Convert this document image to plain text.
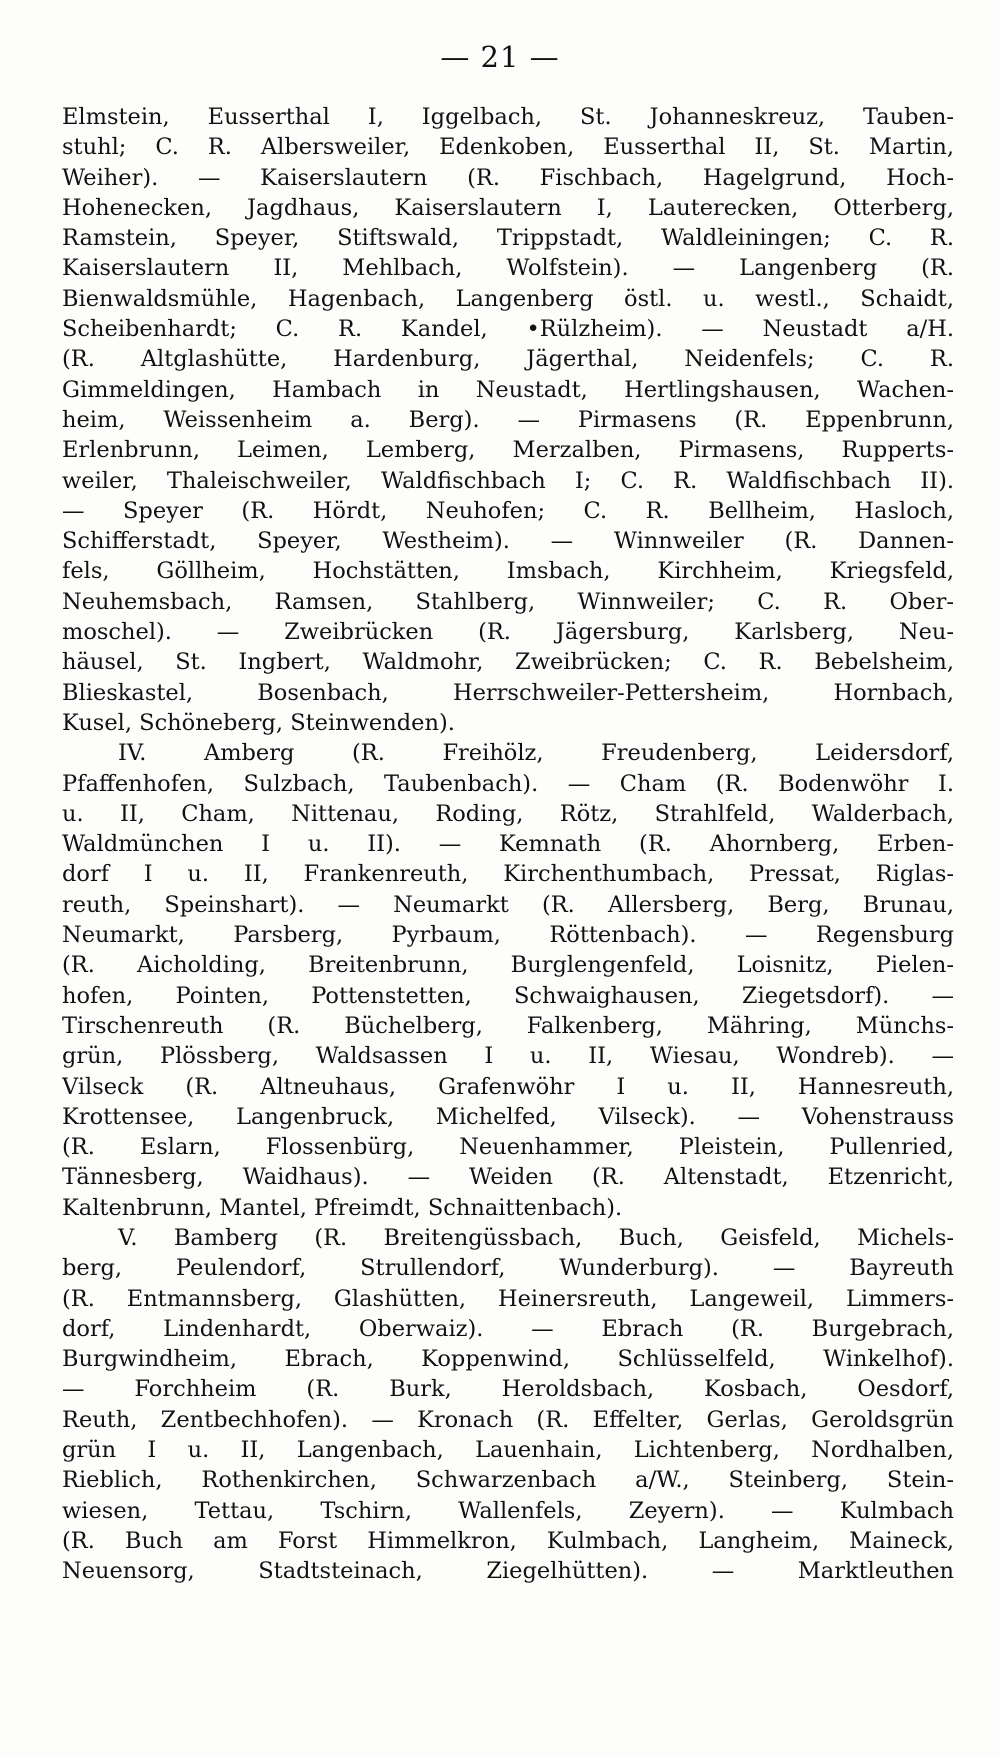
— 21 —
Elmstein, Eusserthal I, Iggelbach, St. Johanneskreuz, Tauben-
stuhl; C. R. Albersweiler, Edenkoben, Eusserthal II, St. Martin,
Weiher). — Kaiserslautern (R. Fischbach, Hagelgrund, Hoch-
Hohenecken, Jagdhaus, Kaiserslautern I, Lauterecken, Otterberg,
Ramstein, Speyer, Stiftswald, Trippstadt, Waldleiningen; C. R.
Kaiserslautern II, Mehlbach, Wolfstein). — Langenberg (R.
Bienwaldsmühle, Hagenbach, Langenberg östl. u. westl., Schaidt,
Scheibenhardt; C. R. Kandel, •Rülzheim). — Neustadt a/H.
(R. Altglashütte, Hardenburg, Jägerthal, Neidenfels; C. R.
Gimmeldingen, Hambach in Neustadt, Hertlingshausen, Wachen-
heim, Weissenheim a. Berg). — Pirmasens (R. Eppenbrunn,
Erlenbrunn, Leimen, Lemberg, Merzalben, Pirmasens, Rupperts-
weiler, Thaleischweiler, Waldfischbach I; C. R. Waldfischbach II).
— Speyer (R. Hördt, Neuhofen; C. R. Bellheim, Hasloch,
Schifferstadt, Speyer, Westheim). — Winnweiler (R. Dannen-
fels, Göllheim, Hochstätten, Imsbach, Kirchheim, Kriegsfeld,
Neuhemsbach, Ramsen, Stahlberg, Winnweiler; C. R. Ober-
moschel). — Zweibrücken (R. Jägersburg, Karlsberg, Neu-
häusel, St. Ingbert, Waldmohr, Zweibrücken; C. R. Bebelsheim,
Blieskastel, Bosenbach, Herrschweiler-Pettersheim, Hornbach,
Kusel, Schöneberg, Steinwenden).
IV. Amberg (R. Freihölz, Freudenberg, Leidersdorf,
Pfaffenhofen, Sulzbach, Taubenbach). — Cham (R. Bodenwöhr I.
u. II, Cham, Nittenau, Roding, Rötz, Strahlfeld, Walderbach,
Waldmünchen I u. II). — Kemnath (R. Ahornberg, Erben-
dorf I u. II, Frankenreuth, Kirchenthumbach, Pressat, Riglas-
reuth, Speinshart). — Neumarkt (R. Allersberg, Berg, Brunau,
Neumarkt, Parsberg, Pyrbaum, Röttenbach). — Regensburg
(R. Aicholding, Breitenbrunn, Burglengenfeld, Loisnitz, Pielen-
hofen, Pointen, Pottenstetten, Schwaighausen, Ziegetsdorf). —
Tirschenreuth (R. Büchelberg, Falkenberg, Mähring, Münchs-
grün, Plössberg, Waldsassen I u. II, Wiesau, Wondreb). —
Vilseck (R. Altneuhaus, Grafenwöhr I u. II, Hannesreuth,
Krottensee, Langenbruck, Michelfed, Vilseck). — Vohenstrauss
(R. Eslarn, Flossenbürg, Neuenhammer, Pleistein, Pullenried,
Tännesberg, Waidhaus). — Weiden (R. Altenstadt, Etzenricht,
Kaltenbrunn, Mantel, Pfreimdt, Schnaittenbach).
V. Bamberg (R. Breitengüssbach, Buch, Geisfeld, Michels-
berg, Peulendorf, Strullendorf, Wunderburg). — Bayreuth
(R. Entmannsberg, Glashütten, Heinersreuth, Langeweil, Limmers-
dorf, Lindenhardt, Oberwaiz). — Ebrach (R. Burgebrach,
Burgwindheim, Ebrach, Koppenwind, Schlüsselfeld, Winkelhof).
— Forchheim (R. Burk, Heroldsbach, Kosbach, Oesdorf,
Reuth, Zentbechhofen). — Kronach (R. Effelter, Gerlas, Geroldsgrün
grün I u. II, Langenbach, Lauenhain, Lichtenberg, Nordhalben,
Rieblich, Rothenkirchen, Schwarzenbach a/W., Steinberg, Stein-
wiesen, Tettau, Tschirn, Wallenfels, Zeyern). — Kulmbach
(R. Buch am Forst Himmelkron, Kulmbach, Langheim, Maineck,
Neuensorg, Stadtsteinach, Ziegelhütten). — Marktleuthen
